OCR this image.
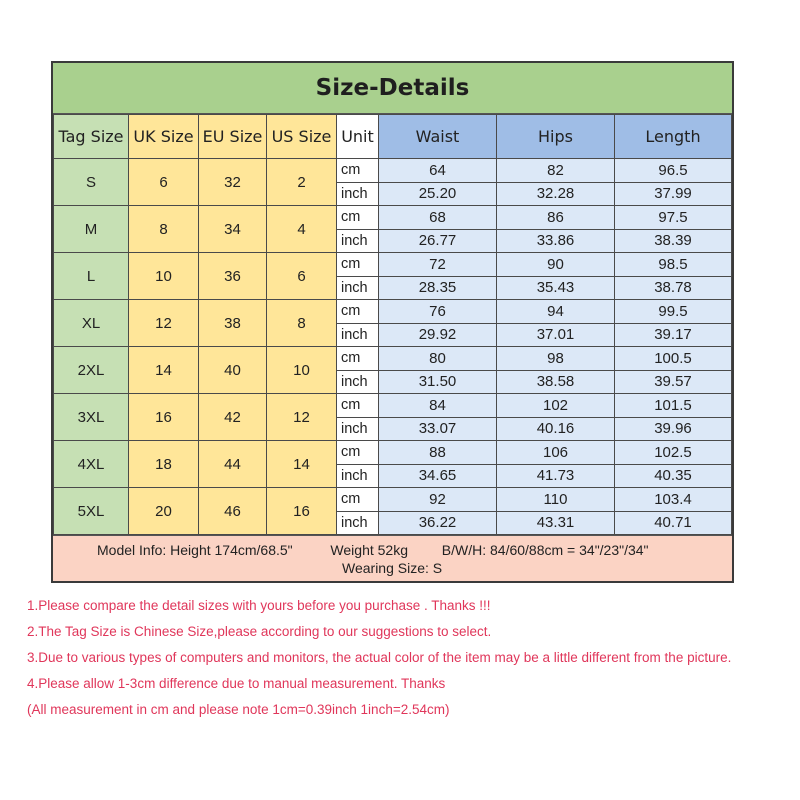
Size-Details
Tag Size	UK Size	EU Size	US Size	Unit	Waist	Hips	Length
S	6	32	2	cm	64	82	96.5
				inch	25.20	32.28	37.99
M	8	34	4	cm	68	86	97.5
				inch	26.77	33.86	38.39
L	10	36	6	cm	72	90	98.5
				inch	28.35	35.43	38.78
XL	12	38	8	cm	76	94	99.5
				inch	29.92	37.01	39.17
2XL	14	40	10	cm	80	98	100.5
				inch	31.50	38.58	39.57
3XL	16	42	12	cm	84	102	101.5
				inch	33.07	40.16	39.96
4XL	18	44	14	cm	88	106	102.5
				inch	34.65	41.73	40.35
5XL	20	46	16	cm	92	110	103.4
				inch	36.22	43.31	40.71
Model Info: Height 174cm/68.5"	Weight 52kg B/W/H: 84/60/88cm = 34"/23"/34"
Wearing Size: S
1.Please compare the detail sizes with yours before you purchase . Thanks !!!
2.The Tag Size is Chinese Size,please according to our suggestions to select.
3.Due to various types of computers and monitors, the actual color of the item may be a little different from the picture.
4.Please allow 1-3cm difference due to manual measurement. Thanks
(All measurement in cm and please note 1cm=0.39inch 1inch=2.54cm)
